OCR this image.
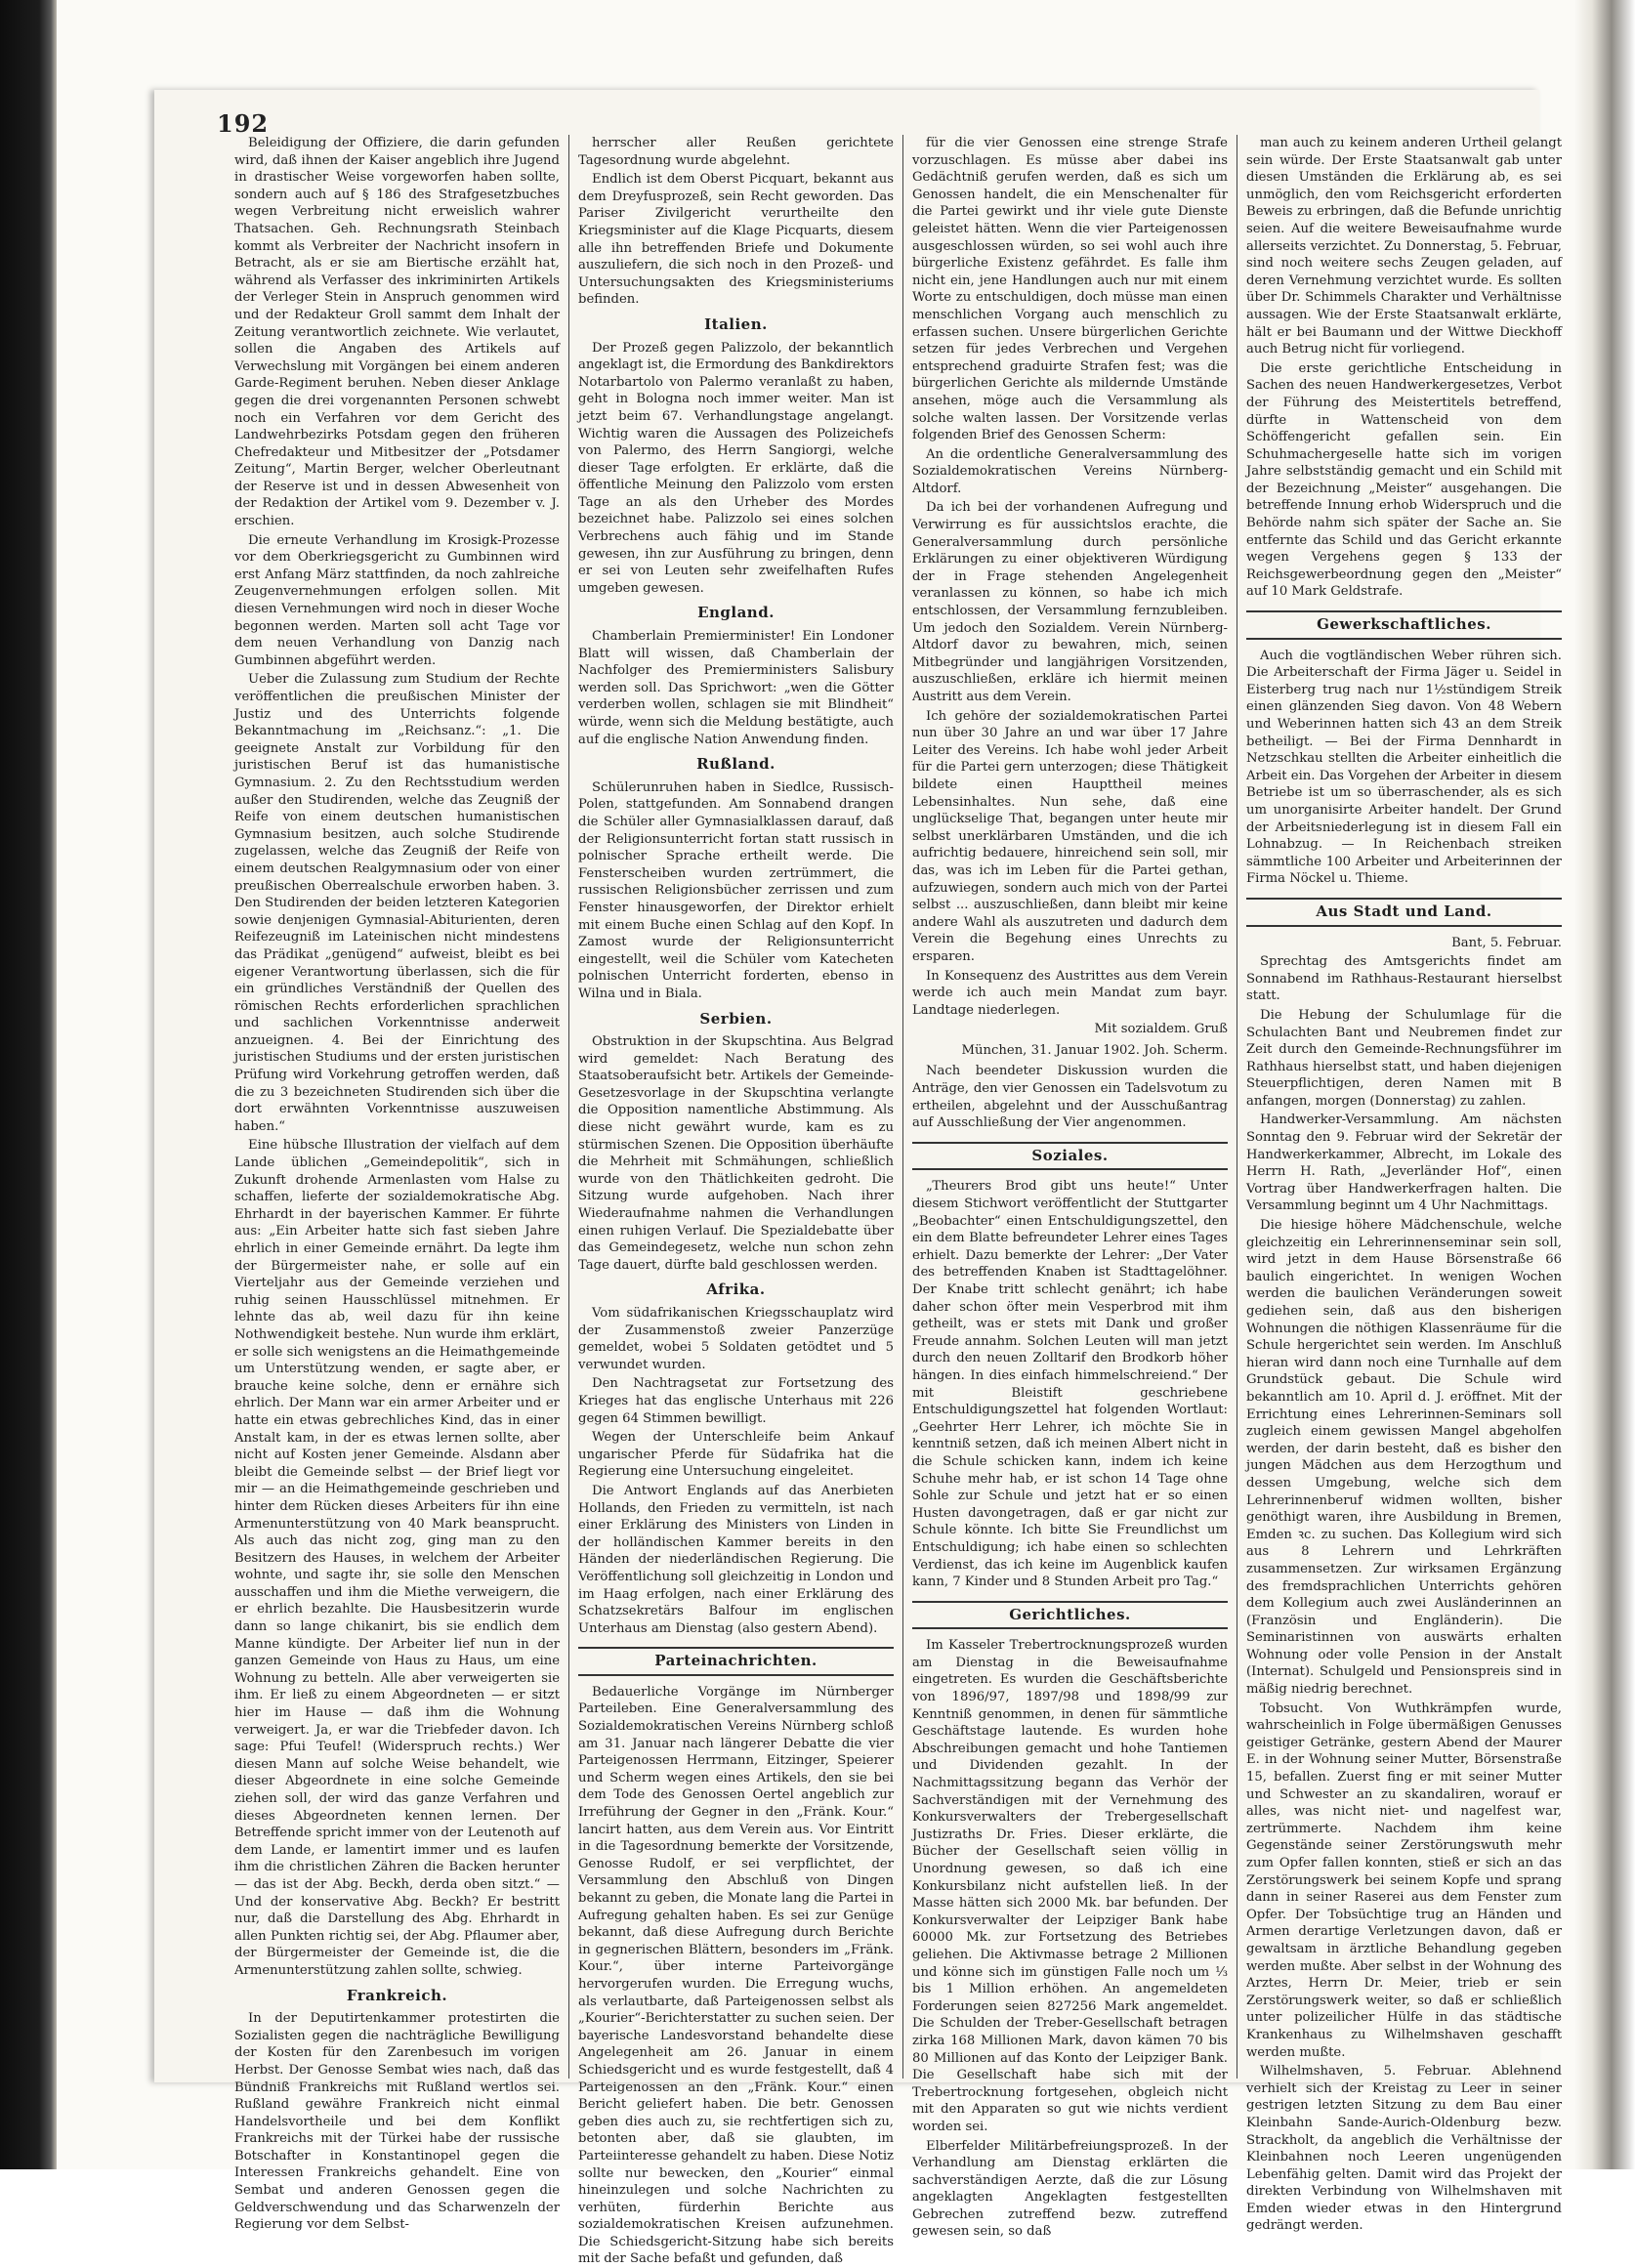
192

Beleidigung der Offiziere, die darin gefunden wird, daß ihnen der Kaiser angeblich ihre Jugend in drastischer Weise vorgeworfen haben sollte, sondern auch auf § 186 des Strafgesetzbuches wegen Verbreitung nicht erweislich wahrer Thatsachen. Geh. Rechnungsrath Steinbach kommt als Verbreiter der Nachricht insofern in Betracht, als er sie am Biertische erzählt hat, während als Verfasser des inkriminirten Artikels der Verleger Stein in Anspruch genommen wird und der Redakteur Groll sammt dem Inhalt der Zeitung verantwortlich zeichnete. Wie verlautet, sollen die Angaben des Artikels auf Verwechslung mit Vorgängen bei einem anderen Garde-Regiment beruhen. Neben dieser Anklage gegen die drei vorgenannten Personen schwebt noch ein Verfahren vor dem Gericht des Landwehrbezirks Potsdam gegen den früheren Chefredakteur und Mitbesitzer der „Potsdamer Zeitung“, Martin Berger, welcher Oberleutnant der Reserve ist und in dessen Abwesenheit von der Redaktion der Artikel vom 9. Dezember v. J. erschien.

Die erneute Verhandlung im Krosigk-Prozesse vor dem Oberkriegsgericht zu Gumbinnen wird erst Anfang März stattfinden, da noch zahlreiche Zeugenvernehmungen erfolgen sollen. Mit diesen Vernehmungen wird noch in dieser Woche begonnen werden. Marten soll acht Tage vor dem neuen Verhandlung von Danzig nach Gumbinnen abgeführt werden.

Ueber die Zulassung zum Studium der Rechte veröffentlichen die preußischen Minister der Justiz und des Unterrichts folgende Bekanntmachung im „Reichsanz.“: „1. Die geeignete Anstalt zur Vorbildung für den juristischen Beruf ist das humanistische Gymnasium. 2. Zu den Rechtsstudium werden außer den Studirenden, welche das Zeugniß der Reife von einem deutschen humanistischen Gymnasium besitzen, auch solche Studirende zugelassen, welche das Zeugniß der Reife von einem deutschen Realgymnasium oder von einer preußischen Oberrealschule erworben haben. 3. Den Studirenden der beiden letzteren Kategorien sowie denjenigen Gymnasial-Abiturienten, deren Reifezeugniß im Lateinischen nicht mindestens das Prädikat „genügend“ aufweist, bleibt es bei eigener Verantwortung überlassen, sich die für ein gründliches Verständniß der Quellen des römischen Rechts erforderlichen sprachlichen und sachlichen Vorkenntnisse anderweit anzueignen. 4. Bei der Einrichtung des juristischen Studiums und der ersten juristischen Prüfung wird Vorkehrung getroffen werden, daß die zu 3 bezeichneten Studirenden sich über die dort erwähnten Vorkenntnisse auszuweisen haben.“

Eine hübsche Illustration der vielfach auf dem Lande üblichen „Gemeindepolitik“, sich in Zukunft drohende Armenlasten vom Halse zu schaffen, lieferte der sozialdemokratische Abg. Ehrhardt in der bayerischen Kammer. Er führte aus: „Ein Arbeiter hatte sich fast sieben Jahre ehrlich in einer Gemeinde ernährt. Da legte ihm der Bürgermeister nahe, er solle auf ein Vierteljahr aus der Gemeinde verziehen und ruhig seinen Hausschlüssel mitnehmen. Er lehnte das ab, weil dazu für ihn keine Nothwendigkeit bestehe. Nun wurde ihm erklärt, er solle sich wenigstens an die Heimathgemeinde um Unterstützung wenden, er sagte aber, er brauche keine solche, denn er ernähre sich ehrlich. Der Mann war ein armer Arbeiter und er hatte ein etwas gebrechliches Kind, das in einer Anstalt kam, in der es etwas lernen sollte, aber nicht auf Kosten jener Gemeinde. Alsdann aber bleibt die Gemeinde selbst — der Brief liegt vor mir — an die Heimathgemeinde geschrieben und hinter dem Rücken dieses Arbeiters für ihn eine Armenunterstützung von 40 Mark beansprucht. Als auch das nicht zog, ging man zu den Besitzern des Hauses, in welchem der Arbeiter wohnte, und sagte ihr, sie solle den Menschen ausschaffen und ihm die Miethe verweigern, die er ehrlich bezahlte. Die Hausbesitzerin wurde dann so lange chikanirt, bis sie endlich dem Manne kündigte. Der Arbeiter lief nun in der ganzen Gemeinde von Haus zu Haus, um eine Wohnung zu betteln. Alle aber verweigerten sie ihm. Er ließ zu einem Abgeordneten — er sitzt hier im Hause — daß ihm die Wohnung verweigert. Ja, er war die Triebfeder davon. Ich sage: Pfui Teufel! (Widerspruch rechts.) Wer diesen Mann auf solche Weise behandelt, wie dieser Abgeordnete in eine solche Gemeinde ziehen soll, der wird das ganze Verfahren und dieses Abgeordneten kennen lernen. Der Betreffende spricht immer von der Leutenoth auf dem Lande, er lamentirt immer und es laufen ihm die christlichen Zähren die Backen herunter — das ist der Abg. Beckh, derda oben sitzt.“ — Und der konservative Abg. Beckh? Er bestritt nur, daß die Darstellung des Abg. Ehrhardt in allen Punkten richtig sei, der Abg. Pflaumer aber, der Bürgermeister der Gemeinde ist, die die Armenunterstützung zahlen sollte, schwieg.

Frankreich.

In der Deputirtenkammer protestirten die Sozialisten gegen die nachträgliche Bewilligung der Kosten für den Zarenbesuch im vorigen Herbst. Der Genosse Sembat wies nach, daß das Bündniß Frankreichs mit Rußland wertlos sei. Rußland gewähre Frankreich nicht einmal Handelsvortheile und bei dem Konflikt Frankreichs mit der Türkei habe der russische Botschafter in Konstantinopel gegen die Interessen Frankreichs gehandelt. Eine von Sembat und anderen Genossen gegen die Geldverschwendung und das Scharwenzeln der Regierung vor dem Selbst-

herrscher aller Reußen gerichtete Tagesordnung wurde abgelehnt.

Endlich ist dem Oberst Picquart, bekannt aus dem Dreyfusprozeß, sein Recht geworden. Das Pariser Zivilgericht verurtheilte den Kriegsminister auf die Klage Picquarts, diesem alle ihn betreffenden Briefe und Dokumente auszuliefern, die sich noch in den Prozeß- und Untersuchungsakten des Kriegsministeriums befinden.

Italien.

Der Prozeß gegen Palizzolo, der bekanntlich angeklagt ist, die Ermordung des Bankdirektors Notarbartolo von Palermo veranlaßt zu haben, geht in Bologna noch immer weiter. Man ist jetzt beim 67. Verhandlungstage angelangt. Wichtig waren die Aussagen des Polizeichefs von Palermo, des Herrn Sangiorgi, welche dieser Tage erfolgten. Er erklärte, daß die öffentliche Meinung den Palizzolo vom ersten Tage an als den Urheber des Mordes bezeichnet habe. Palizzolo sei eines solchen Verbrechens auch fähig und im Stande gewesen, ihn zur Ausführung zu bringen, denn er sei von Leuten sehr zweifelhaften Rufes umgeben gewesen.

England.

Chamberlain Premierminister! Ein Londoner Blatt will wissen, daß Chamberlain der Nachfolger des Premierministers Salisbury werden soll. Das Sprichwort: „wen die Götter verderben wollen, schlagen sie mit Blindheit“ würde, wenn sich die Meldung bestätigte, auch auf die englische Nation Anwendung finden.

Rußland.

Schülerunruhen haben in Siedlce, Russisch-Polen, stattgefunden. Am Sonnabend drangen die Schüler aller Gymnasialklassen darauf, daß der Religionsunterricht fortan statt russisch in polnischer Sprache ertheilt werde. Die Fensterscheiben wurden zertrümmert, die russischen Religionsbücher zerrissen und zum Fenster hinausgeworfen, der Direktor erhielt mit einem Buche einen Schlag auf den Kopf. In Zamost wurde der Religionsunterricht eingestellt, weil die Schüler vom Katecheten polnischen Unterricht forderten, ebenso in Wilna und in Biala.

Serbien.

Obstruktion in der Skupschtina. Aus Belgrad wird gemeldet: Nach Beratung des Staatsoberaufsicht betr. Artikels der Gemeinde-Gesetzesvorlage in der Skupschtina verlangte die Opposition namentliche Abstimmung. Als diese nicht gewährt wurde, kam es zu stürmischen Szenen. Die Opposition überhäufte die Mehrheit mit Schmähungen, schließlich wurde von den Thätlichkeiten gedroht. Die Sitzung wurde aufgehoben. Nach ihrer Wiederaufnahme nahmen die Verhandlungen einen ruhigen Verlauf. Die Spezialdebatte über das Gemeindegesetz, welche nun schon zehn Tage dauert, dürfte bald geschlossen werden.

Afrika.

Vom südafrikanischen Kriegsschauplatz wird der Zusammenstoß zweier Panzerzüge gemeldet, wobei 5 Soldaten getödtet und 5 verwundet wurden.

Den Nachtragsetat zur Fortsetzung des Krieges hat das englische Unterhaus mit 226 gegen 64 Stimmen bewilligt.

Wegen der Unterschleife beim Ankauf ungarischer Pferde für Südafrika hat die Regierung eine Untersuchung eingeleitet.

Die Antwort Englands auf das Anerbieten Hollands, den Frieden zu vermitteln, ist nach einer Erklärung des Ministers von Linden in der holländischen Kammer bereits in den Händen der niederländischen Regierung. Die Veröffentlichung soll gleichzeitig in London und im Haag erfolgen, nach einer Erklärung des Schatzsekretärs Balfour im englischen Unterhaus am Dienstag (also gestern Abend).

Parteinachrichten.

Bedauerliche Vorgänge im Nürnberger Parteileben. Eine Generalversammlung des Sozialdemokratischen Vereins Nürnberg schloß am 31. Januar nach längerer Debatte die vier Parteigenossen Herrmann, Eitzinger, Speierer und Scherm wegen eines Artikels, den sie bei dem Tode des Genossen Oertel angeblich zur Irreführung der Gegner in den „Fränk. Kour.“ lancirt hatten, aus dem Verein aus. Vor Eintritt in die Tagesordnung bemerkte der Vorsitzende, Genosse Rudolf, er sei verpflichtet, der Versammlung den Abschluß von Dingen bekannt zu geben, die Monate lang die Partei in Aufregung gehalten haben. Es sei zur Genüge bekannt, daß diese Aufregung durch Berichte in gegnerischen Blättern, besonders im „Fränk. Kour.“, über interne Parteivorgänge hervorgerufen wurden. Die Erregung wuchs, als verlautbarte, daß Parteigenossen selbst als „Kourier“-Berichterstatter zu suchen seien. Der bayerische Landesvorstand behandelte diese Angelegenheit am 26. Januar in einem Schiedsgericht und es wurde festgestellt, daß 4 Parteigenossen an den „Fränk. Kour.“ einen Bericht geliefert haben. Die betr. Genossen geben dies auch zu, sie rechtfertigen sich zu, betonten aber, daß sie glaubten, im Parteiinteresse gehandelt zu haben. Diese Notiz sollte nur bewecken, den „Kourier“ einmal hineinzulegen und solche Nachrichten zu verhüten, fürderhin Berichte aus sozialdemokratischen Kreisen aufzunehmen. Die Schiedsgericht-Sitzung habe sich bereits mit der Sache befaßt und gefunden, daß

für die vier Genossen eine strenge Strafe vorzuschlagen. Es müsse aber dabei ins Gedächtniß gerufen werden, daß es sich um Genossen handelt, die ein Menschenalter für die Partei gewirkt und ihr viele gute Dienste geleistet hätten. Wenn die vier Parteigenossen ausgeschlossen würden, so sei wohl auch ihre bürgerliche Existenz gefährdet. Es falle ihm nicht ein, jene Handlungen auch nur mit einem Worte zu entschuldigen, doch müsse man einen menschlichen Vorgang auch menschlich zu erfassen suchen. Unsere bürgerlichen Gerichte setzen für jedes Verbrechen und Vergehen entsprechend graduirte Strafen fest; was die bürgerlichen Gerichte als mildernde Umstände ansehen, möge auch die Versammlung als solche walten lassen. Der Vorsitzende verlas folgenden Brief des Genossen Scherm:

An die ordentliche Generalversammlung des Sozialdemokratischen Vereins Nürnberg-Altdorf.

Da ich bei der vorhandenen Aufregung und Verwirrung es für aussichtslos erachte, die Generalversammlung durch persönliche Erklärungen zu einer objektiveren Würdigung der in Frage stehenden Angelegenheit veranlassen zu können, so habe ich mich entschlossen, der Versammlung fernzubleiben. Um jedoch den Sozialdem. Verein Nürnberg-Altdorf davor zu bewahren, mich, seinen Mitbegründer und langjährigen Vorsitzenden, auszuschließen, erkläre ich hiermit meinen Austritt aus dem Verein.

Ich gehöre der sozialdemokratischen Partei nun über 30 Jahre an und war über 17 Jahre Leiter des Vereins. Ich habe wohl jeder Arbeit für die Partei gern unterzogen; diese Thätigkeit bildete einen Haupttheil meines Lebensinhaltes. Nun sehe, daß eine unglückselige That, begangen unter heute mir selbst unerklärbaren Umständen, und die ich aufrichtig bedauere, hinreichend sein soll, mir das, was ich im Leben für die Partei gethan, aufzuwiegen, sondern auch mich von der Partei selbst ... auszuschließen, dann bleibt mir keine andere Wahl als auszutreten und dadurch dem Verein die Begehung eines Unrechts zu ersparen.

In Konsequenz des Austrittes aus dem Verein werde ich auch mein Mandat zum bayr. Landtage niederlegen.

Mit sozialdem. Gruß
München, 31. Januar 1902. Joh. Scherm.

Nach beendeter Diskussion wurden die Anträge, den vier Genossen ein Tadelsvotum zu ertheilen, abgelehnt und der Ausschußantrag auf Ausschließung der Vier angenommen.

Soziales.

„Theurers Brod gibt uns heute!“ Unter diesem Stichwort veröffentlicht der Stuttgarter „Beobachter“ einen Entschuldigungszettel, den ein dem Blatte befreundeter Lehrer eines Tages erhielt. Dazu bemerkte der Lehrer: „Der Vater des betreffenden Knaben ist Stadttagelöhner. Der Knabe tritt schlecht genährt; ich habe daher schon öfter mein Vesperbrod mit ihm getheilt, was er stets mit Dank und großer Freude annahm. Solchen Leuten will man jetzt durch den neuen Zolltarif den Brodkorb höher hängen. In dies einfach himmelschreiend.“ Der mit Bleistift geschriebene Entschuldigungszettel hat folgenden Wortlaut: „Geehrter Herr Lehrer, ich möchte Sie in kenntniß setzen, daß ich meinen Albert nicht in die Schule schicken kann, indem ich keine Schuhe mehr hab, er ist schon 14 Tage ohne Sohle zur Schule und jetzt hat er so einen Husten davongetragen, daß er gar nicht zur Schule könnte. Ich bitte Sie Freundlichst um Entschuldigung; ich habe einen so schlechten Verdienst, das ich keine im Augenblick kaufen kann, 7 Kinder und 8 Stunden Arbeit pro Tag.“

Gerichtliches.

Im Kasseler Trebertrocknungsprozeß wurden am Dienstag in die Beweisaufnahme eingetreten. Es wurden die Geschäftsberichte von 1896/97, 1897/98 und 1898/99 zur Kenntniß genommen, in denen für sämmtliche Geschäftstage lautende. Es wurden hohe Abschreibungen gemacht und hohe Tantiemen und Dividenden gezahlt. In der Nachmittagssitzung begann das Verhör der Sachverständigen mit der Vernehmung des Konkursverwalters der Trebergesellschaft Justizraths Dr. Fries. Dieser erklärte, die Bücher der Gesellschaft seien völlig in Unordnung gewesen, so daß ich eine Konkursbilanz nicht aufstellen ließ. In der Masse hätten sich 2000 Mk. bar befunden. Der Konkursverwalter der Leipziger Bank habe 60000 Mk. zur Fortsetzung des Betriebes geliehen. Die Aktivmasse betrage 2 Millionen und könne sich im günstigen Falle noch um ⅓ bis 1 Million erhöhen. An angemeldeten Forderungen seien 827256 Mark angemeldet. Die Schulden der Treber-Gesellschaft betragen zirka 168 Millionen Mark, davon kämen 70 bis 80 Millionen auf das Konto der Leipziger Bank. Die Gesellschaft habe sich mit der Trebertrocknung fortgesehen, obgleich nicht mit den Apparaten so gut wie nichts verdient worden sei.

Elberfelder Militärbefreiungsprozeß. In der Verhandlung am Dienstag erklärten die sachverständigen Aerzte, daß die zur Lösung angeklagten Angeklagten festgestellten Gebrechen zutreffend bezw. zutreffend gewesen sein, so daß

man auch zu keinem anderen Urtheil gelangt sein würde. Der Erste Staatsanwalt gab unter diesen Umständen die Erklärung ab, es sei unmöglich, den vom Reichsgericht erforderten Beweis zu erbringen, daß die Befunde unrichtig seien. Auf die weitere Beweisaufnahme wurde allerseits verzichtet. Zu Donnerstag, 5. Februar, sind noch weitere sechs Zeugen geladen, auf deren Vernehmung verzichtet wurde. Es sollten über Dr. Schimmels Charakter und Verhältnisse aussagen. Wie der Erste Staatsanwalt erklärte, hält er bei Baumann und der Wittwe Dieckhoff auch Betrug nicht für vorliegend.

Die erste gerichtliche Entscheidung in Sachen des neuen Handwerkergesetzes, Verbot der Führung des Meistertitels betreffend, dürfte in Wattenscheid von dem Schöffengericht gefallen sein. Ein Schuhmachergeselle hatte sich im vorigen Jahre selbstständig gemacht und ein Schild mit der Bezeichnung „Meister“ ausgehangen. Die betreffende Innung erhob Widerspruch und die Behörde nahm sich später der Sache an. Sie entfernte das Schild und das Gericht erkannte wegen Vergehens gegen § 133 der Reichsgewerbeordnung gegen den „Meister“ auf 10 Mark Geldstrafe.

Gewerkschaftliches.

Auch die vogtländischen Weber rühren sich. Die Arbeiterschaft der Firma Jäger u. Seidel in Eisterberg trug nach nur 1½stündigem Streik einen glänzenden Sieg davon. Von 48 Webern und Weberinnen hatten sich 43 an dem Streik betheiligt. — Bei der Firma Dennhardt in Netzschkau stellten die Arbeiter einheitlich die Arbeit ein. Das Vorgehen der Arbeiter in diesem Betriebe ist um so überraschender, als es sich um unorganisirte Arbeiter handelt. Der Grund der Arbeitsniederlegung ist in diesem Fall ein Lohnabzug. — In Reichenbach streiken sämmtliche 100 Arbeiter und Arbeiterinnen der Firma Nöckel u. Thieme.

Aus Stadt und Land.
Bant, 5. Februar.

Sprechtag des Amtsgerichts findet am Sonnabend im Rathhaus-Restaurant hierselbst statt.

Die Hebung der Schulumlage für die Schulachten Bant und Neubremen findet zur Zeit durch den Gemeinde-Rechnungsführer im Rathhaus hierselbst statt, und haben diejenigen Steuerpflichtigen, deren Namen mit B anfangen, morgen (Donnerstag) zu zahlen.

Handwerker-Versammlung. Am nächsten Sonntag den 9. Februar wird der Sekretär der Handwerkerkammer, Albrecht, im Lokale des Herrn H. Rath, „Jeverländer Hof“, einen Vortrag über Handwerkerfragen halten. Die Versammlung beginnt um 4 Uhr Nachmittags.

Die hiesige höhere Mädchenschule, welche gleichzeitig ein Lehrerinnenseminar sein soll, wird jetzt in dem Hause Börsenstraße 66 baulich eingerichtet. In wenigen Wochen werden die baulichen Veränderungen soweit gediehen sein, daß aus den bisherigen Wohnungen die nöthigen Klassenräume für die Schule hergerichtet sein werden. Im Anschluß hieran wird dann noch eine Turnhalle auf dem Grundstück gebaut. Die Schule wird bekanntlich am 10. April d. J. eröffnet. Mit der Errichtung eines Lehrerinnen-Seminars soll zugleich einem gewissen Mangel abgeholfen werden, der darin besteht, daß es bisher den jungen Mädchen aus dem Herzogthum und dessen Umgebung, welche sich dem Lehrerinnenberuf widmen wollten, bisher genöthigt waren, ihre Ausbildung in Bremen, Emden ꝛc. zu suchen. Das Kollegium wird sich aus 8 Lehrern und Lehrkräften zusammensetzen. Zur wirksamen Ergänzung des fremdsprachlichen Unterrichts gehören dem Kollegium auch zwei Ausländerinnen an (Französin und Engländerin). Die Seminaristinnen von auswärts erhalten Wohnung oder volle Pension in der Anstalt (Internat). Schulgeld und Pensionspreis sind in mäßig niedrig berechnet.

Tobsucht. Von Wuthkrämpfen wurde, wahrscheinlich in Folge übermäßigen Genusses geistiger Getränke, gestern Abend der Maurer E. in der Wohnung seiner Mutter, Börsenstraße 15, befallen. Zuerst fing er mit seiner Mutter und Schwester an zu skandaliren, worauf er alles, was nicht niet- und nagelfest war, zertrümmerte. Nachdem ihm keine Gegenstände seiner Zerstörungswuth mehr zum Opfer fallen konnten, stieß er sich an das Zerstörungswerk bei seinem Kopfe und sprang dann in seiner Raserei aus dem Fenster zum Opfer. Der Tobsüchtige trug an Händen und Armen derartige Verletzungen davon, daß er gewaltsam in ärztliche Behandlung gegeben werden mußte. Aber selbst in der Wohnung des Arztes, Herrn Dr. Meier, trieb er sein Zerstörungswerk weiter, so daß er schließlich unter polizeilicher Hülfe in das städtische Krankenhaus zu Wilhelmshaven geschafft werden mußte.

Wilhelmshaven, 5. Februar. Ablehnend verhielt sich der Kreistag zu Leer in seiner gestrigen letzten Sitzung zu dem Bau einer Kleinbahn Sande-Aurich-Oldenburg bezw. Strackholt, da angeblich die Verhältnisse der Kleinbahnen noch Leeren ungenügenden Lebenfähig gelten. Damit wird das Projekt der direkten Verbindung von Wilhelmshaven mit Emden wieder etwas in den Hintergrund gedrängt werden.
